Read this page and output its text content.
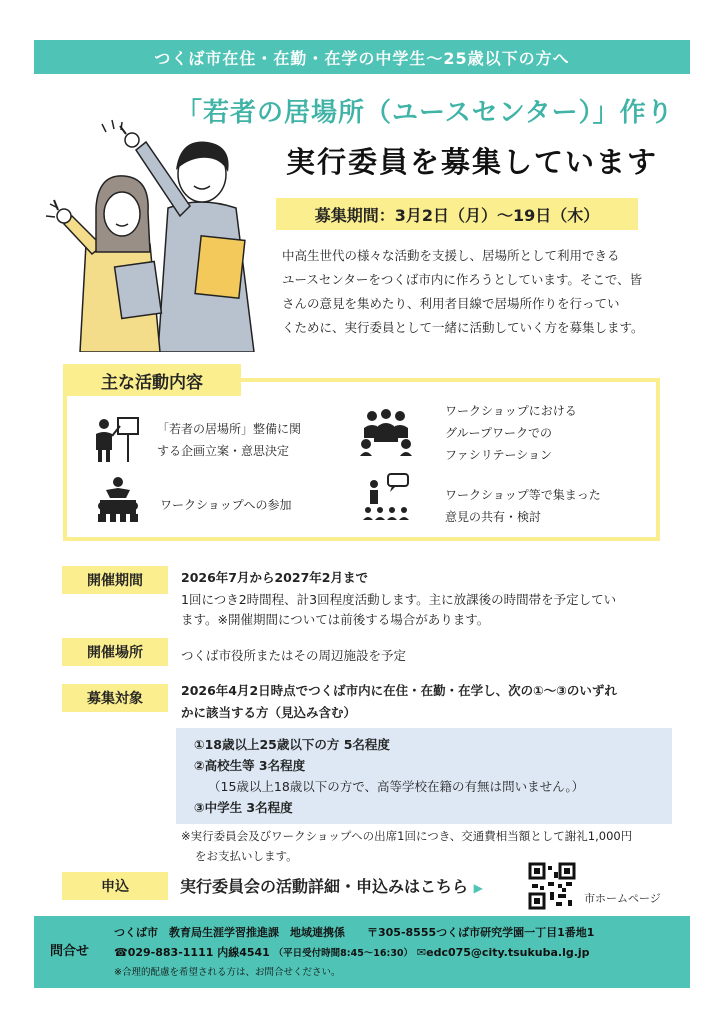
つくば市在住・在勤・在学の中学生～25歳以下の方へ
「若者の居場所（ユースセンター）」作り
実行委員を募集しています
募集期間：3月2日（月）～19日（木）
中高生世代の様々な活動を支援し、居場所として利用できる
ユースセンターをつくば市内に作ろうとしています。そこで、皆
さんの意見を集めたり、利用者目線で居場所作りを行ってい
くために、実行委員として一緒に活動していく方を募集します。
主な活動内容
「若者の居場所」整備に関
する企画立案・意思決定
ワークショップにおける
グループワークでの
ファシリテーション
ワークショップへの参加
ワークショップ等で集まった
意見の共有・検討
開催期間	2026年7月から2027年2月まで
1回につき2時間程、計3回程度活動します。主に放課後の時間帯を予定してい
ます。※開催期間については前後する場合があります。
開催場所	つくば市役所またはその周辺施設を予定
募集対象
2026年4月2日時点でつくば市内に在住・在勤・在学し、次の①～③のいずれ
かに該当する方（見込み含む）
①18歳以上25歳以下の方 5名程度
②高校生等 3名程度
（15歳以上18歳以下の方で、高等学校在籍の有無は問いません。）
③中学生 3名程度
※実行委員会及びワークショップへの出席1回につき、交通費相当額として謝礼1,000円
をお支払いします。
申込	実行委員会の活動詳細・申込みはこちら ▶
市ホームページ
問合せ
つくば市　教育局生涯学習推進課　地域連携係　　〒305-8555つくば市研究学園一丁目1番地1
☎029-883-1111 内線4541 （平日受付時間8:45～16:30） ✉edc075@city.tsukuba.lg.jp
※合理的配慮を希望される方は、お問合せください。
